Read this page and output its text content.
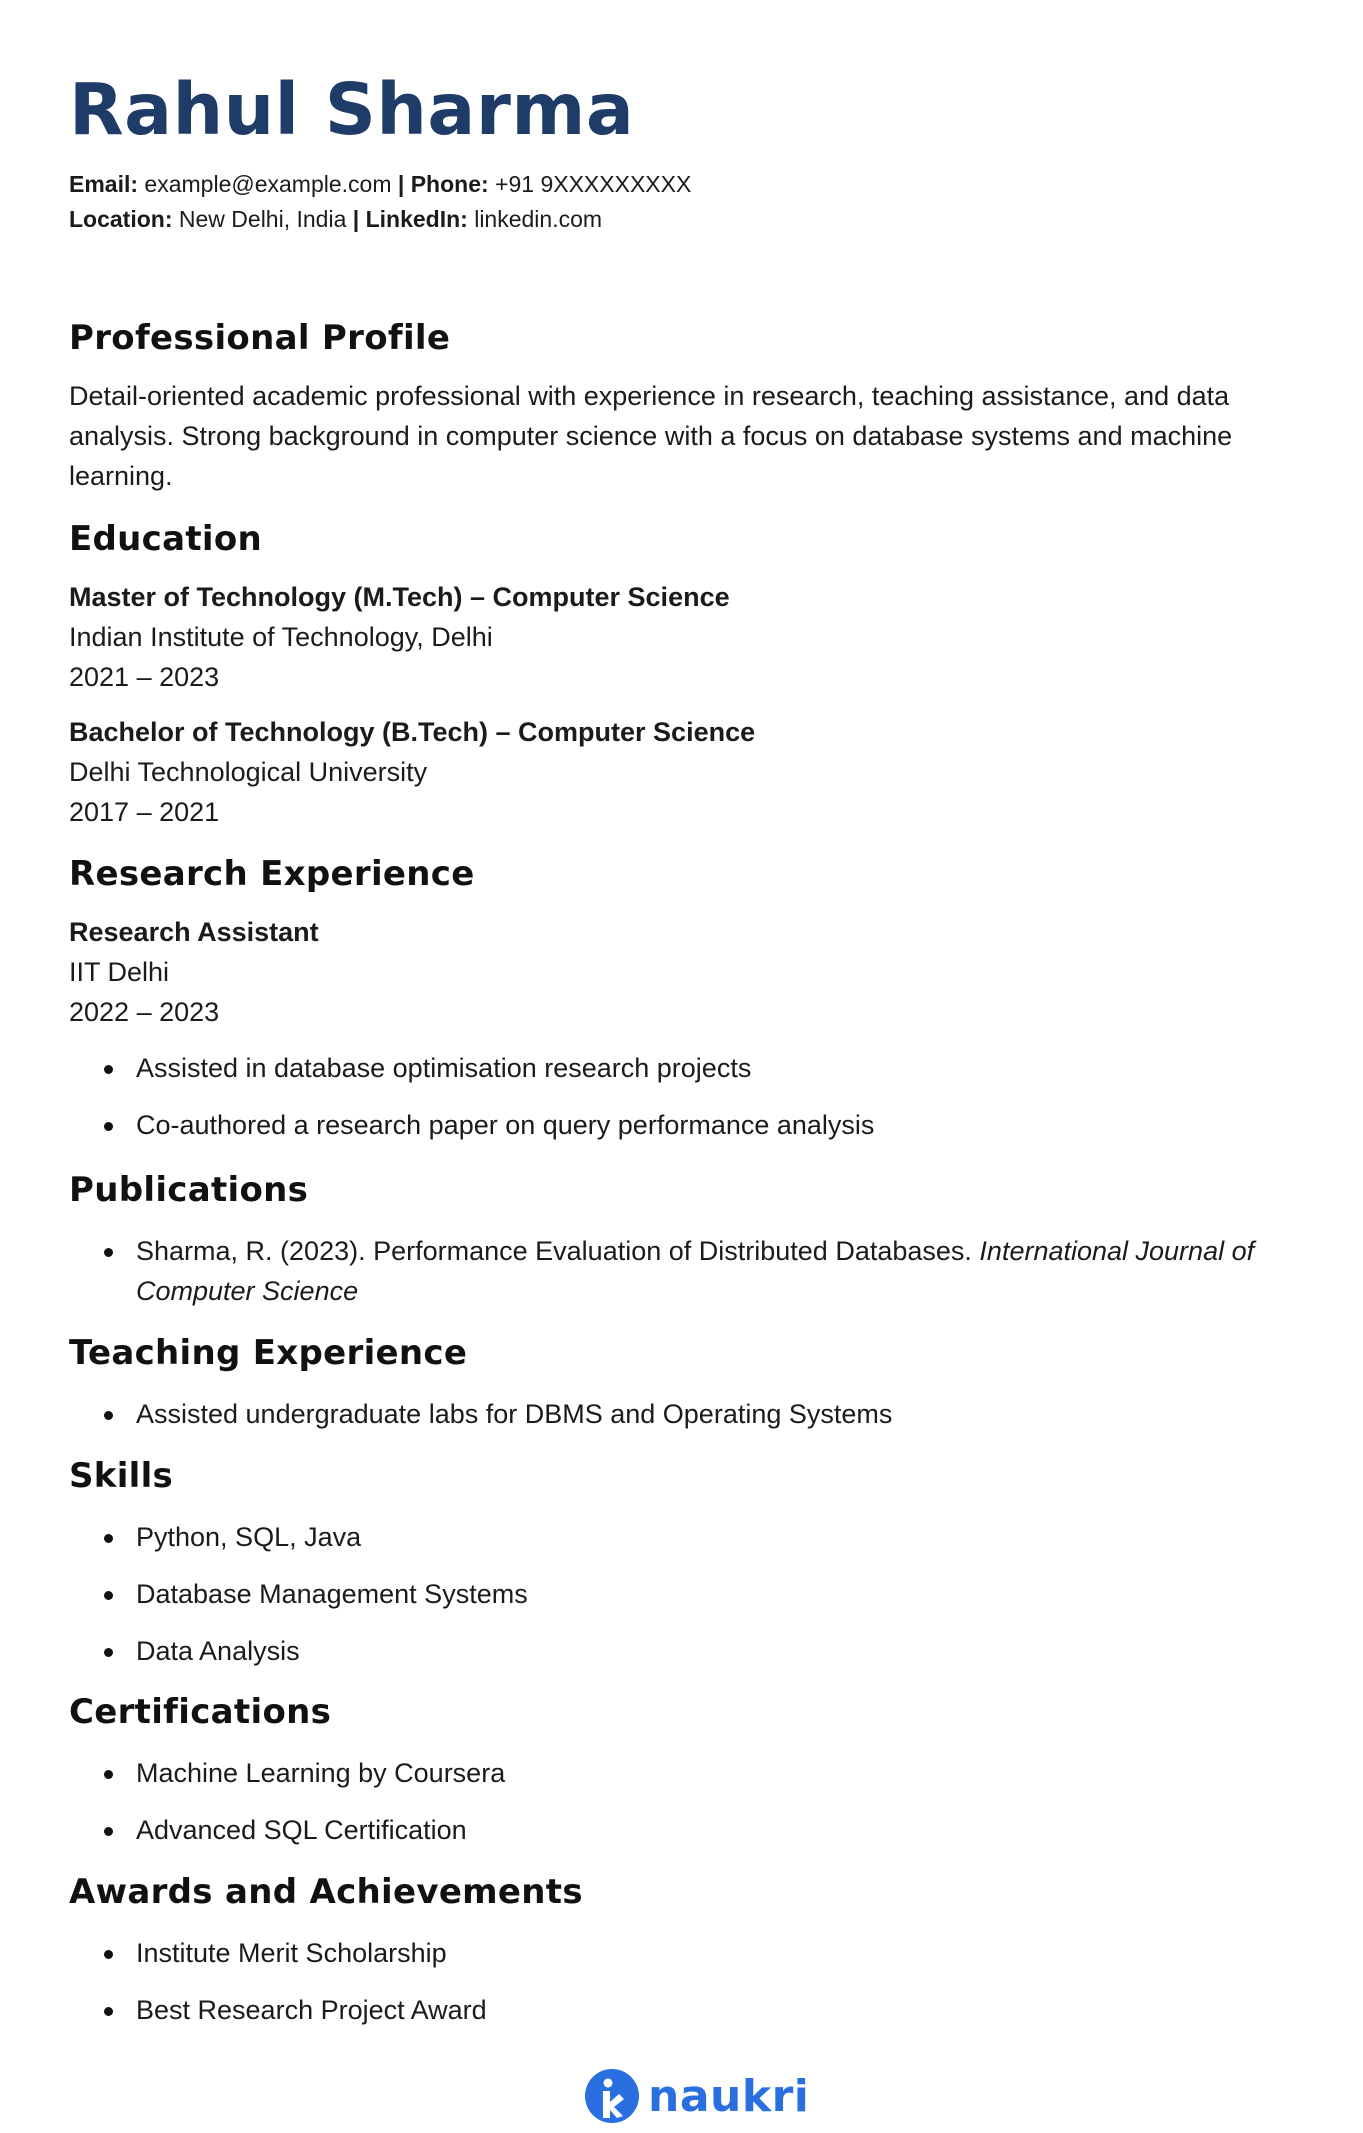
Rahul Sharma
Email: example@example.com | Phone: +91 9XXXXXXXXX
Location: New Delhi, India | LinkedIn: linkedin.com
Professional Profile

Detail-oriented academic professional with experience in research, teaching assistance, and data analysis. Strong background in computer science with a focus on database systems and machine learning.

Education

Master of Technology (M.Tech) – Computer Science

Indian Institute of Technology, Delhi

2021 – 2023

Bachelor of Technology (B.Tech) – Computer Science

Delhi Technological University

2017 – 2021

Research Experience

Research Assistant

IIT Delhi

2022 – 2023

Assisted in database optimisation research projects
Co-authored a research paper on query performance analysis
Publications
Sharma, R. (2023). Performance Evaluation of Distributed Databases. International Journal of Computer Science
Teaching Experience
Assisted undergraduate labs for DBMS and Operating Systems
Skills
Python, SQL, Java
Database Management Systems
Data Analysis
Certifications
Machine Learning by Coursera
Advanced SQL Certification
Awards and Achievements
Institute Merit Scholarship
Best Research Project Award
naukri
